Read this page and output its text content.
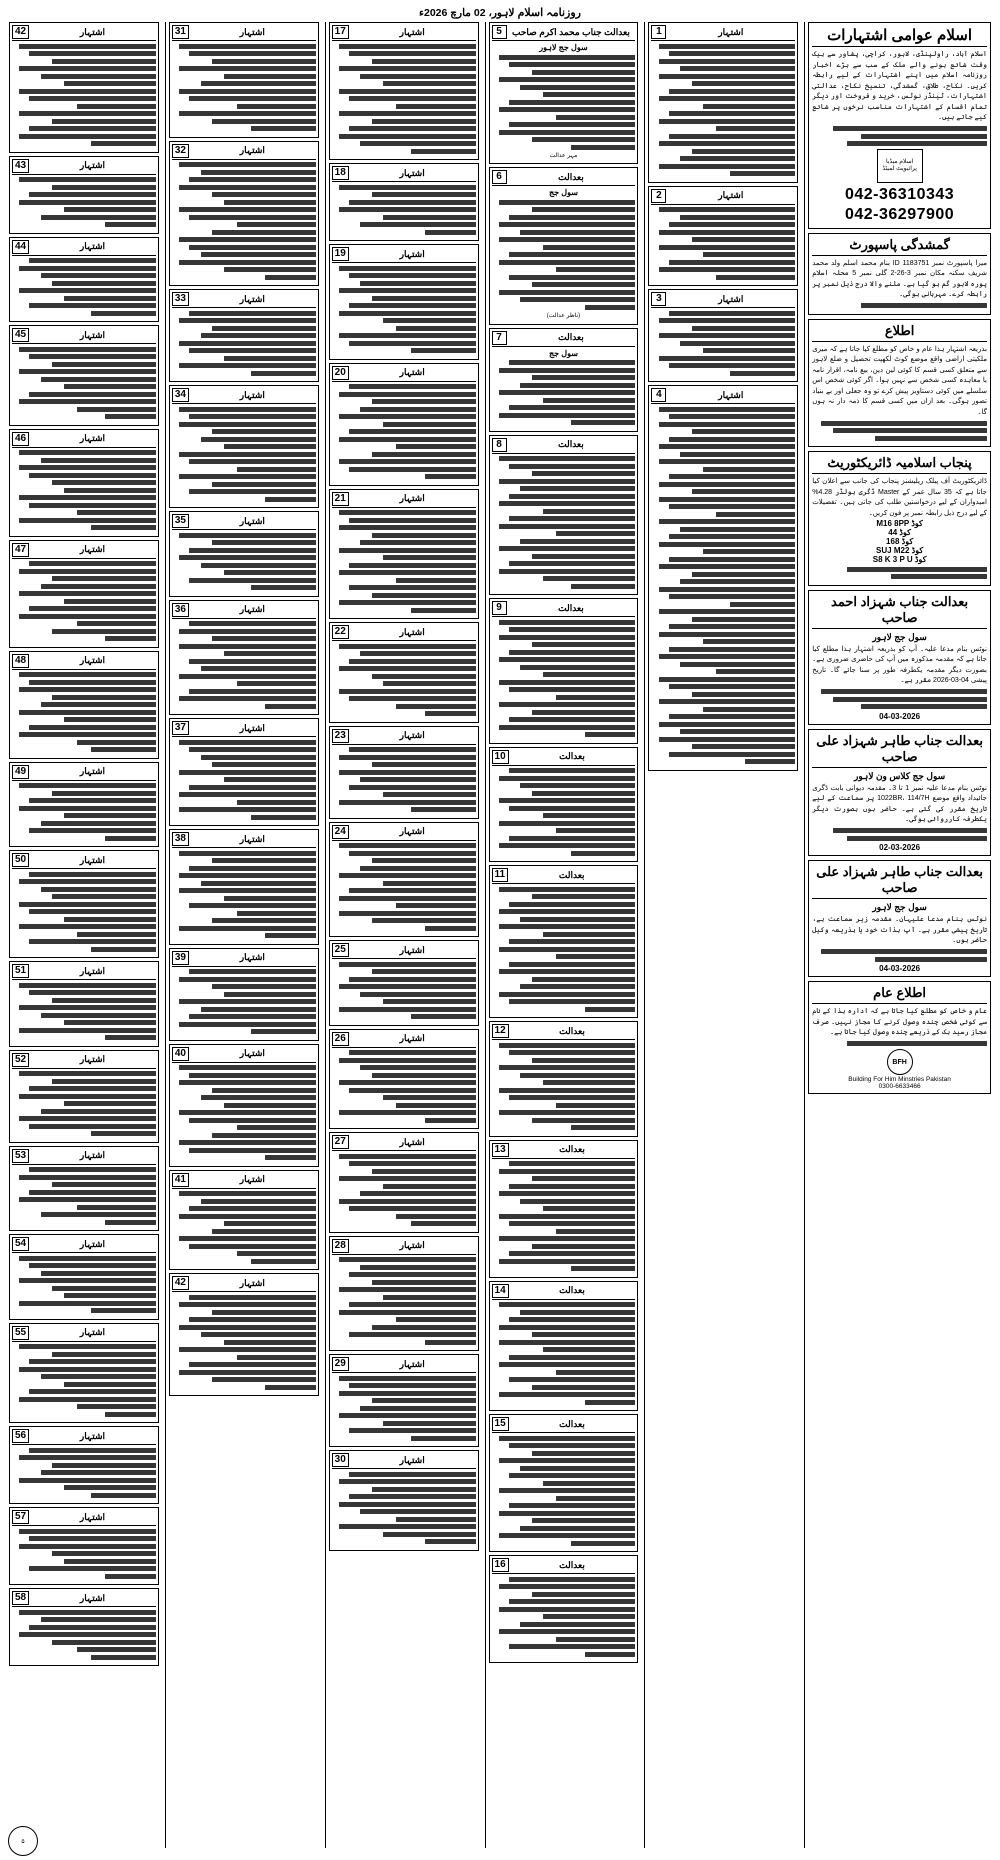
روزنامہ اسلام لاہور، 02 مارچ 2026ء
اسلام عوامی اشتہارات
اسلام آباد، راولپنڈی، لاہور، کراچی، پشاور سے بیک وقت شائع ہونے والے ملک کے سب سے بڑے اخبار روزنامہ اسلام میں اپنے اشتہارات کے لیے رابطہ کریں۔ نکاح، طلاق، گمشدگی، تنسیخ نکاح، عدالتی اشتہارات، ٹینڈر نوٹس، خرید و فروخت اور دیگر تمام اقسام کے اشتہارات مناسب نرخوں پر شائع کیے جاتے ہیں۔
اسلام میڈیا پرائیویٹ لمیٹڈ
042-36310343
042-36297900
گمشدگی پاسپورٹ
میرا پاسپورٹ نمبر ID 1183751 بنام محمد اسلم ولد محمد شریف سکنہ مکان نمبر 3-26-2 گلی نمبر 5 محلہ اسلام پورہ لاہور گم ہو گیا ہے۔ ملنے والا درج ذیل نمبر پر رابطہ کرے۔ مہربانی ہوگی۔
اطلاع
بذریعہ اشتہار ہذا عام و خاص کو مطلع کیا جاتا ہے کہ میری ملکیتی اراضی واقع موضع کوٹ لکھپت تحصیل و ضلع لاہور سے متعلق کسی قسم کا کوئی لین دین، بیع نامہ، اقرار نامہ یا معاہدہ کسی شخص سے نہیں ہوا۔ اگر کوئی شخص اس سلسلے میں کوئی دستاویز پیش کرے تو وہ جعلی اور بے بنیاد تصور ہوگی۔ بعد ازاں میں کسی قسم کا ذمہ دار نہ ہوں گا۔
پنجاب اسلامیہ ڈائریکٹوریٹ
ڈائریکٹوریٹ آف پبلک ریلیشنز پنجاب کی جانب سے اعلان کیا جاتا ہے کہ 35 سال عمر کے Master ڈگری ہولڈر 4.28% امیدواران کے لیے درخواستیں طلب کی جاتی ہیں۔ تفصیلات کے لیے درج ذیل رابطہ نمبر پر فون کریں۔
M16 8PP کوڈ
44 کوڈ
168 کوڈ
SUJ M22 کوڈ
S8 K 3 P U کوڈ
بعدالت جناب شہزاد احمد صاحب
سول جج لاہور
نوٹس بنام مدعا علیہ۔ آپ کو بذریعہ اشتہار ہذا مطلع کیا جاتا ہے کہ مقدمہ مذکورہ میں آپ کی حاضری ضروری ہے۔ بصورت دیگر مقدمہ یکطرفہ طور پر سنا جائے گا۔ تاریخ پیشی 04-03-2026 مقرر ہے۔
04-03-2026
بعدالت جناب طاہر شہزاد علی صاحب
سول جج کلاس ون لاہور
نوٹس بنام مدعا علیہ نمبر 1 تا 3۔ مقدمہ دیوانی بابت ڈگری جائیداد واقع موضع 1022BR، 114/7H پر سماعت کے لیے تاریخ مقرر کی گئی ہے۔ حاضر ہوں بصورت دیگر یکطرفہ کارروائی ہوگی۔
02-03-2026
بعدالت جناب طاہر شہزاد علی صاحب
سول جج لاہور
نوٹس بنام مدعا علیہان۔ مقدمہ زیر سماعت ہے، تاریخ پیشی مقرر ہے۔ آپ بذات خود یا بذریعہ وکیل حاضر ہوں۔
04-03-2026
اطلاع عام
عام و خاص کو مطلع کیا جاتا ہے کہ ادارہ ہذا کے نام سے کوئی شخص چندہ وصول کرنے کا مجاز نہیں۔ صرف مجاز رسید بک کے ذریعے چندہ وصول کیا جاتا ہے۔
BFH
Building For Him Minstries Pakistan
0300-6633466
1	اشتہار
2	اشتہار
3	اشتہار
4	اشتہار
5	بعدالت جناب محمد اکرم صاحب
سول جج لاہور
مہر عدالت
6	بعدالت
سول جج
(ناظر عدالت)
7	بعدالت
سول جج
8	بعدالت
9	بعدالت
10	بعدالت
11	بعدالت
12	بعدالت
13	بعدالت
14	بعدالت
15	بعدالت
16	بعدالت
17	اشتہار
18	اشتہار
19	اشتہار
20	اشتہار
21	اشتہار
22	اشتہار
23	اشتہار
24	اشتہار
25	اشتہار
26	اشتہار
27	اشتہار
28	اشتہار
29	اشتہار
30	اشتہار
31	اشتہار
32	اشتہار
33	اشتہار
34	اشتہار
35	اشتہار
36	اشتہار
37	اشتہار
38	اشتہار
39	اشتہار
40	اشتہار
41	اشتہار
42	اشتہار
42	اشتہار
43	اشتہار
44	اشتہار
45	اشتہار
46	اشتہار
47	اشتہار
48	اشتہار
49	اشتہار
50	اشتہار
51	اشتہار
52	اشتہار
53	اشتہار
54	اشتہار
55	اشتہار
56	اشتہار
57	اشتہار
58	اشتہار
۵
